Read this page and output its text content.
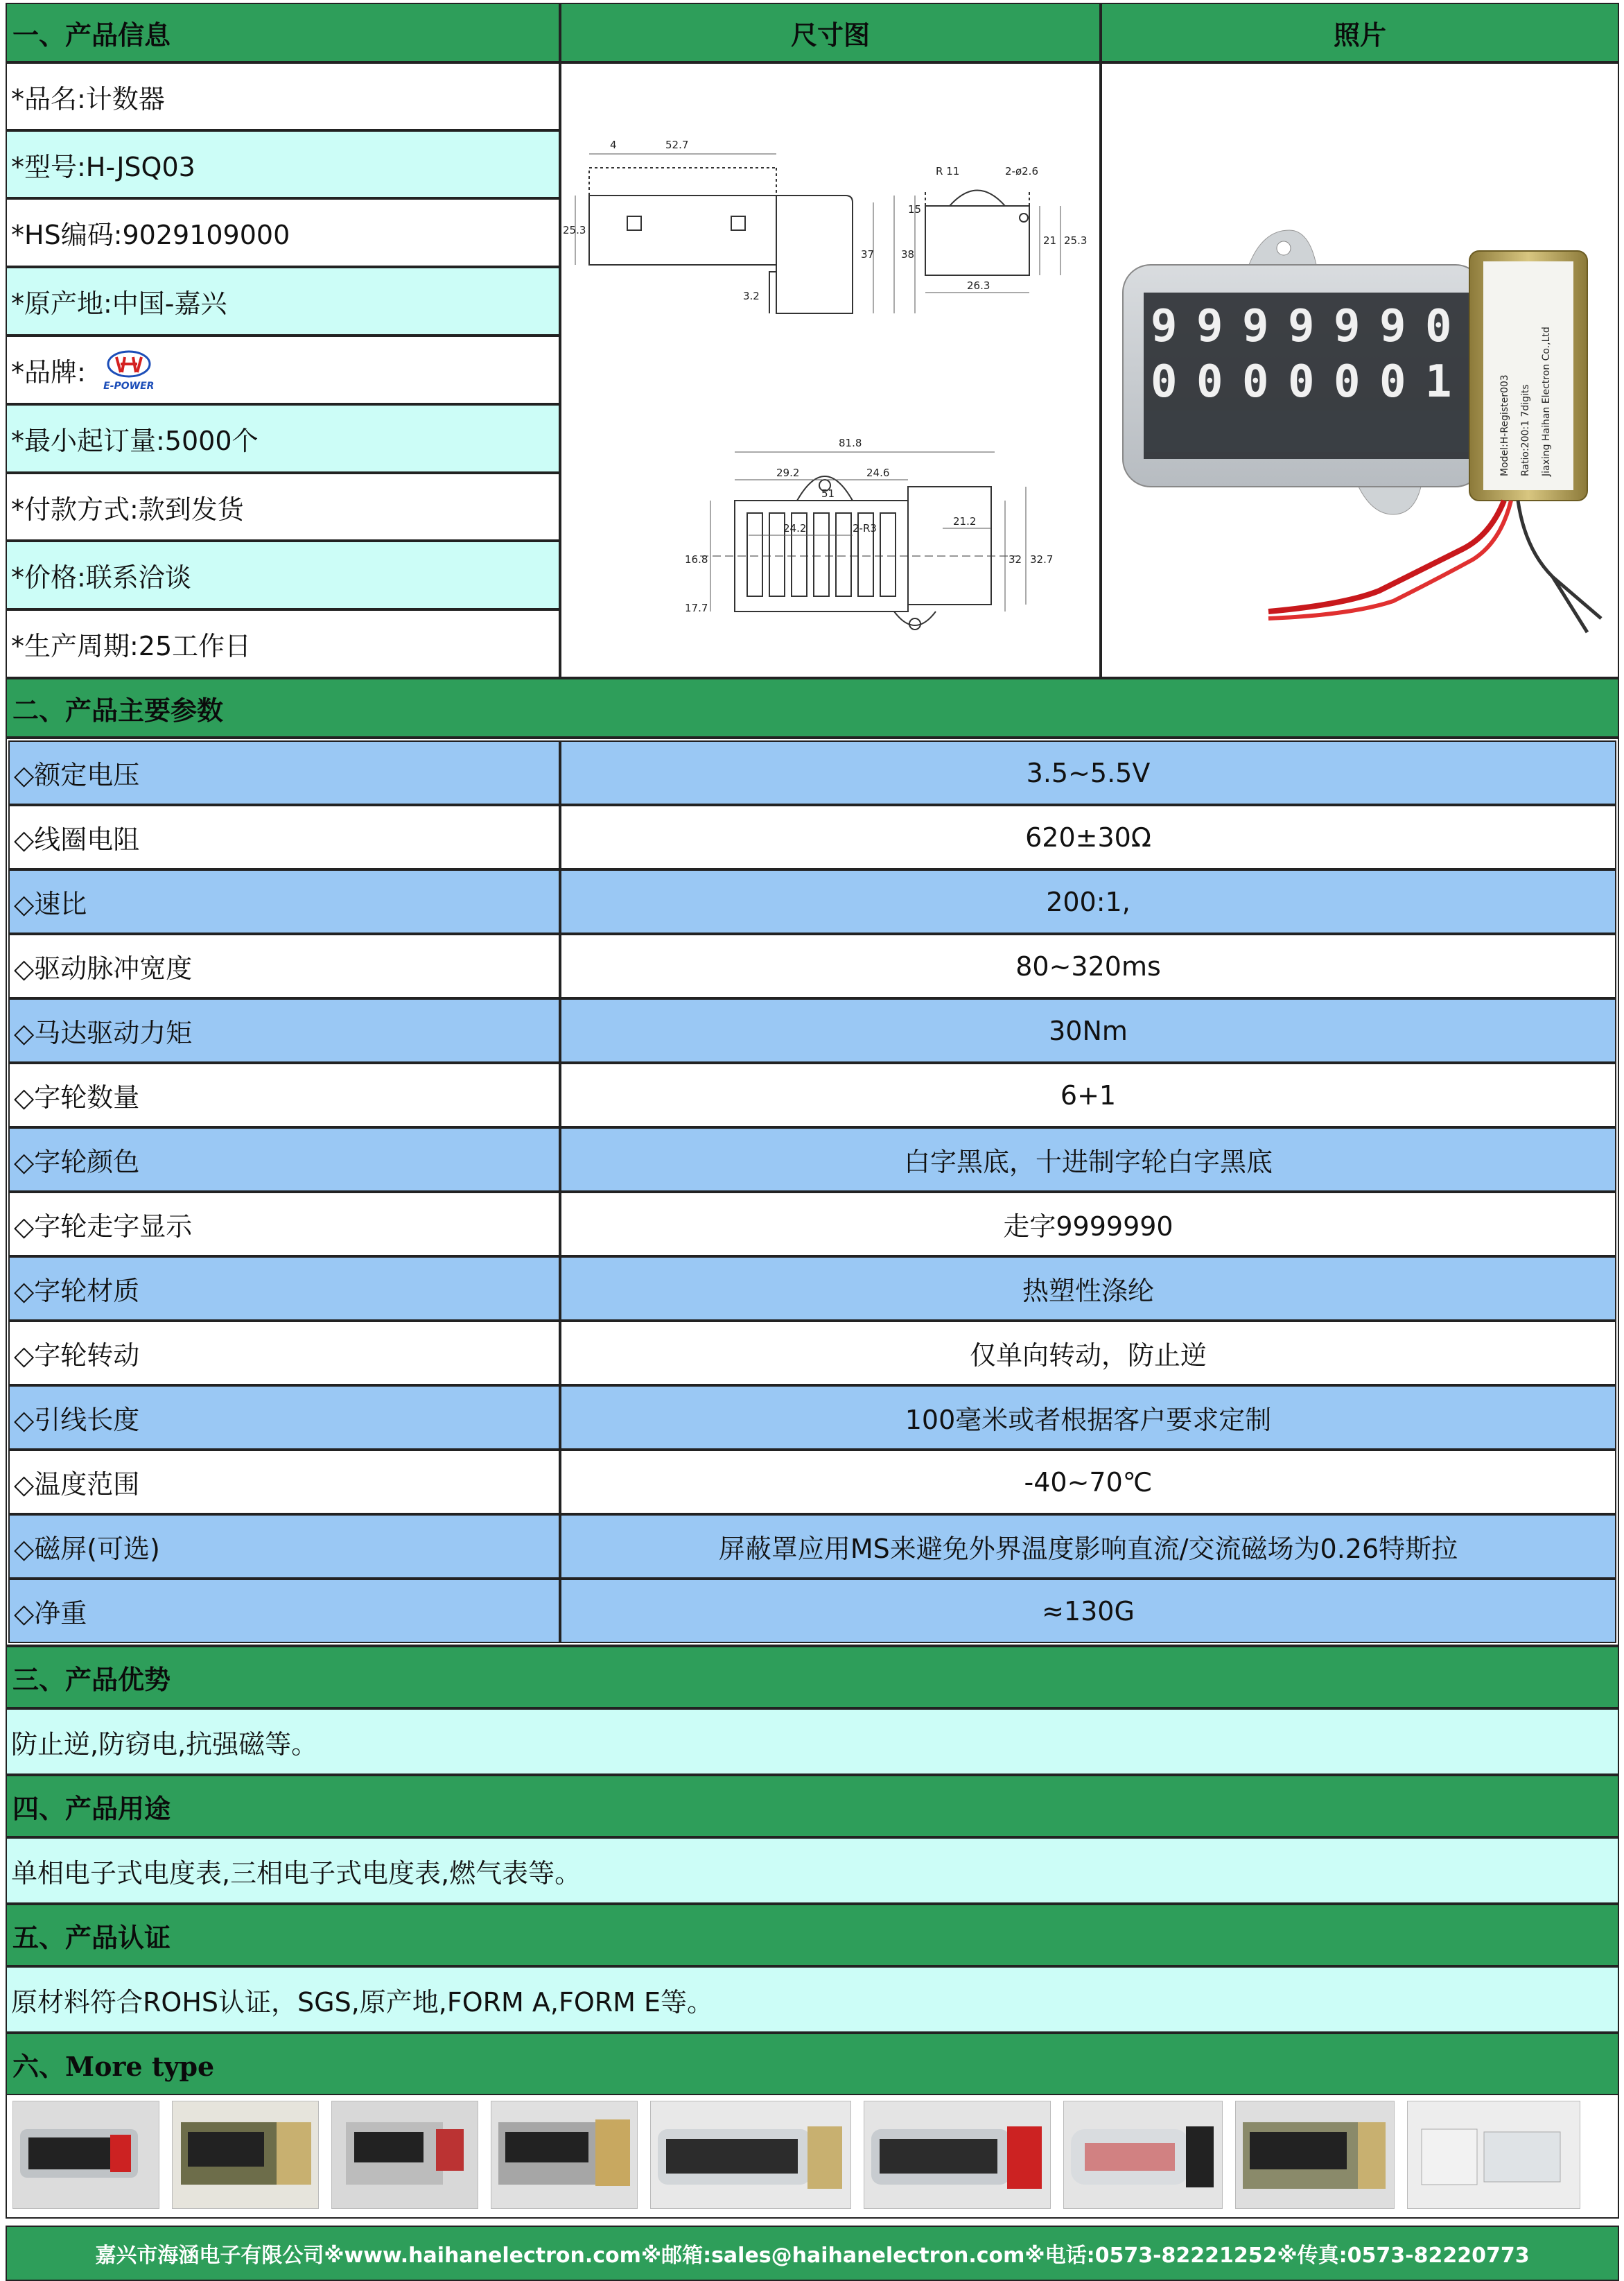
一、产品信息	尺寸图	照片
*品名:计数器
*型号:H-JSQ03
*HS编码:9029109000
*原产地:中国-嘉兴
*品牌: E-POWER
*最小起订量:5000个
*付款方式:款到发货
*价格:联系洽谈
*生产周期:25工作日
52.7
4
25.3
37	38
3.2
R 11	2-ø2.6
21 25.3
26.3
15
81.8
29.2	24.6
51
24.2	2-R3
21.2
16.8
17.7
32 32.7
9 9 9 9 9 9 0
0 0 0 0 0 0 1	Model:H-Register003 Ratio:200:1 7digits Jiaxing Haihan Electron Co.,Ltd
二、产品主要参数
◇额定电压	3.5~5.5V
◇线圈电阻	620±30Ω
◇速比	200:1,
◇驱动脉冲宽度	80~320ms
◇马达驱动力矩	30Nm
◇字轮数量	6+1
◇字轮颜色	白字黑底，十进制字轮白字黑底
◇字轮走字显示	走字9999990
◇字轮材质	热塑性涤纶
◇字轮转动	仅单向转动，防止逆
◇引线长度	100毫米或者根据客户要求定制
◇温度范围	-40~70℃
◇磁屏(可选)	屏蔽罩应用MS来避免外界温度影响直流/交流磁场为0.26特斯拉
◇净重	≈130G
三、产品优势
防止逆,防窃电,抗强磁等。
四、产品用途
单相电子式电度表,三相电子式电度表,燃气表等。
五、产品认证
原材料符合ROHS认证，SGS,原产地,FORM A,FORM E等。
六、More type
嘉兴市海涵电子有限公司※www.haihanelectron.com※邮箱:sales@haihanelectron.com※电话:0573-82221252※传真:0573-82220773
